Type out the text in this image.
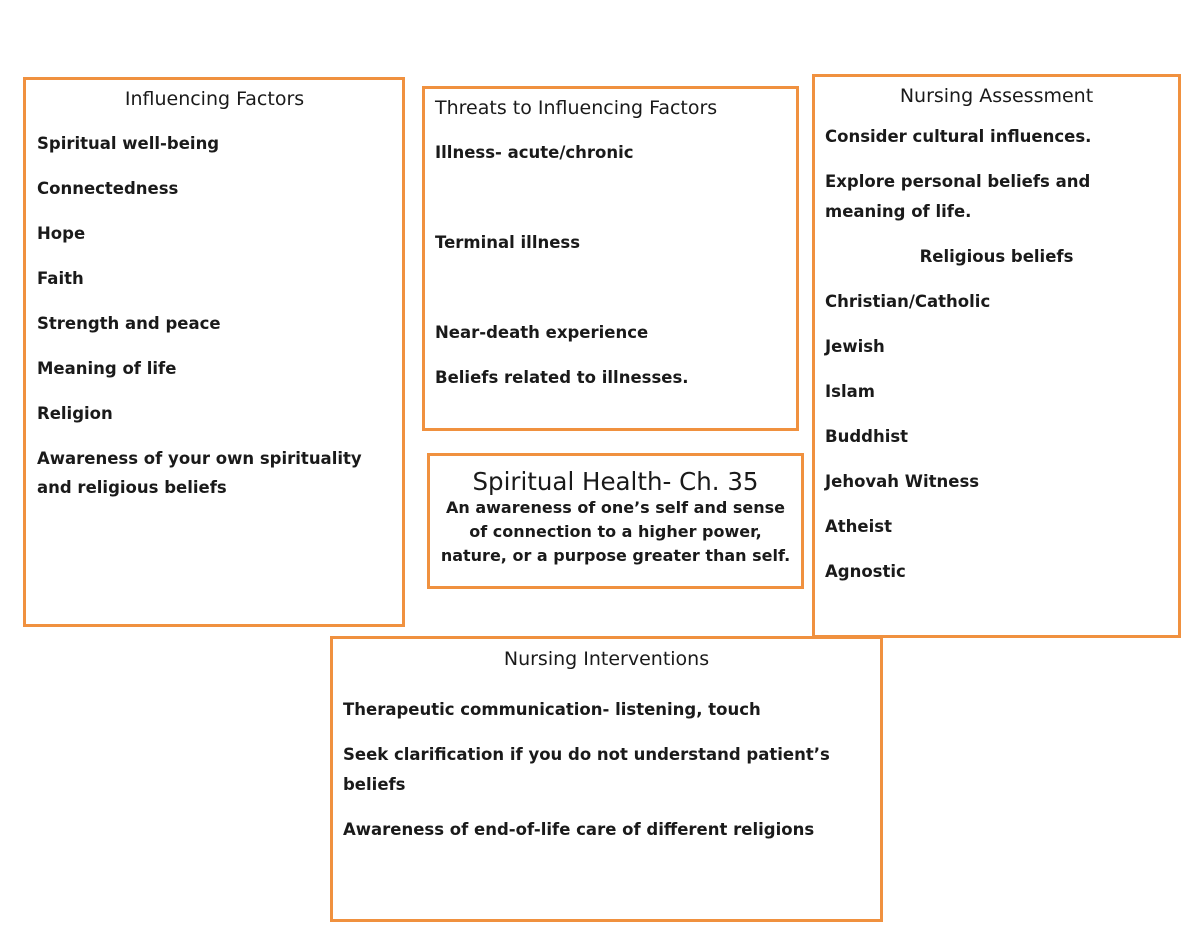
Influencing Factors
Spiritual well-being
Connectedness
Hope
Faith
Strength and peace
Meaning of life
Religion
Awareness of your own spirituality and religious beliefs
Threats to Influencing Factors
Illness- acute/chronic
Terminal illness
Near-death experience
Beliefs related to illnesses.
Spiritual Health- Ch. 35

An awareness of one’s self and sense of connection to a higher power, nature, or a purpose greater than self.

Nursing Assessment
Consider cultural influences.
Explore personal beliefs and meaning of life.
Religious beliefs
Christian/Catholic
Jewish
Islam
Buddhist
Jehovah Witness
Atheist
Agnostic
Nursing Interventions
Therapeutic communication- listening, touch
Seek clarification if you do not understand patient’s beliefs
Awareness of end-of-life care of different religions
